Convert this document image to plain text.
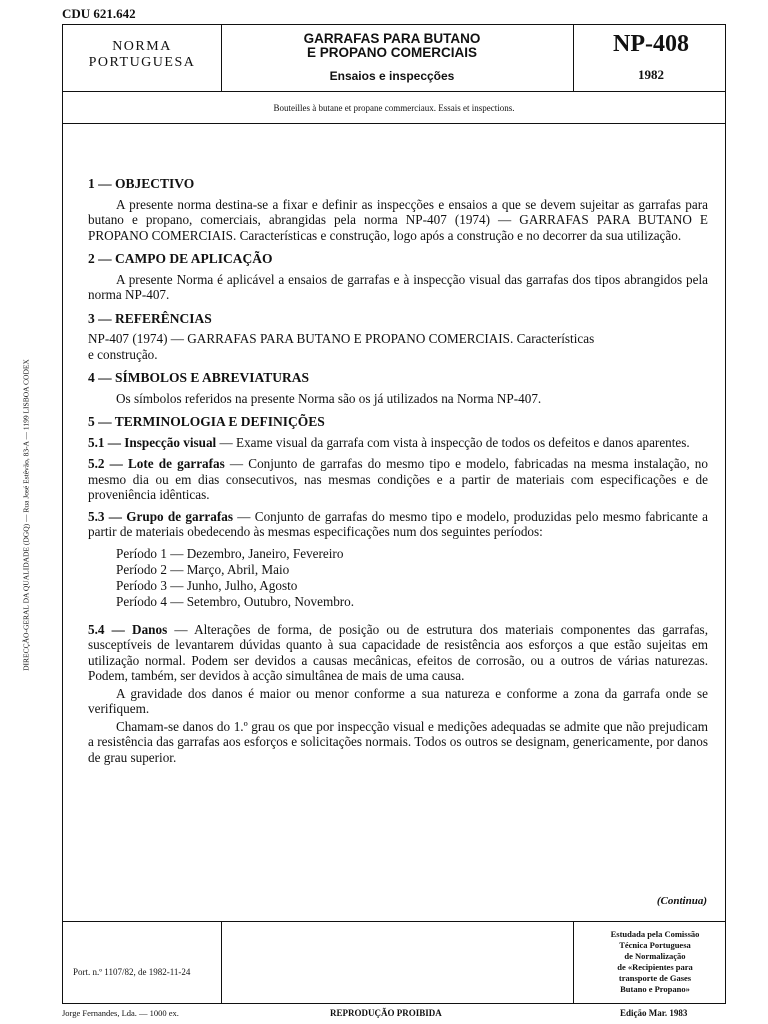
CDU 621.642
DIRECÇÃO-GERAL DA QUALIDADE (DGQ) — Rua José Estêvão, 83-A — 1199 LISBOA CODEX
NORMA
PORTUGUESA
GARRAFAS PARA BUTANO
E PROPANO COMERCIAIS
Ensaios e inspecções
NP-408
1982
Bouteilles à butane et propane commerciaux. Essais et inspections.
(Continua)
Port. n.º 1107/82, de 1982-11-24
Estudada pela Comissão
Técnica Portuguesa
de Normalização
de «Recipientes para
transporte de Gases
Butano e Propano»
1 — OBJECTIVO

A presente norma destina-se a fixar e definir as inspecções e ensaios a que se devem sujeitar as garrafas para butano e propano, comerciais, abrangidas pela norma NP-407 (1974) — GARRAFAS PARA BUTANO E PROPANO COMERCIAIS. Características e construção, logo após a construção e no decorrer da sua utilização.

2 — CAMPO DE APLICAÇÃO

A presente Norma é aplicável a ensaios de garrafas e à inspecção visual das garrafas dos tipos abrangidos pela norma NP-407.

3 — REFERÊNCIAS

NP-407 (1974) — GARRAFAS PARA BUTANO E PROPANO COMERCIAIS. Características

e construção.

4 — SÍMBOLOS E ABREVIATURAS

Os símbolos referidos na presente Norma são os já utilizados na Norma NP-407.

5 — TERMINOLOGIA E DEFINIÇÕES

5.1 — Inspecção visual — Exame visual da garrafa com vista à inspecção de todos os defeitos e danos aparentes.

5.2 — Lote de garrafas — Conjunto de garrafas do mesmo tipo e modelo, fabricadas na mesma instalação, no mesmo dia ou em dias consecutivos, nas mesmas condições e a partir de materiais com especificações e de proveniência idênticas.

5.3 — Grupo de garrafas — Conjunto de garrafas do mesmo tipo e modelo, produzidas pelo mesmo fabricante a partir de materiais obedecendo às mesmas especificações num dos seguintes períodos:

Período 1 — Dezembro, Janeiro, Fevereiro
Período 2 — Março, Abril, Maio
Período 3 — Junho, Julho, Agosto
Período 4 — Setembro, Outubro, Novembro.

5.4 — Danos — Alterações de forma, de posição ou de estrutura dos materiais componentes das garrafas, susceptíveis de levantarem dúvidas quanto à sua capacidade de resistência aos esforços a que estão sujeitas em utilização normal. Podem ser devidos a causas mecânicas, efeitos de corrosão, ou a outros de várias naturezas. Podem, também, ser devidos à acção simultânea de mais de uma causa.

A gravidade dos danos é maior ou menor conforme a sua natureza e conforme a zona da garrafa onde se verifiquem.

Chamam-se danos do 1.º grau os que por inspecção visual e medições adequadas se admite que não prejudicam a resistência das garrafas aos esforços e solicitações normais. Todos os outros se designam, genericamente, por danos de grau superior.

Jorge Fernandes, Lda. — 1000 ex.	REPRODUÇÃO PROIBIDA	Edição Mar. 1983
